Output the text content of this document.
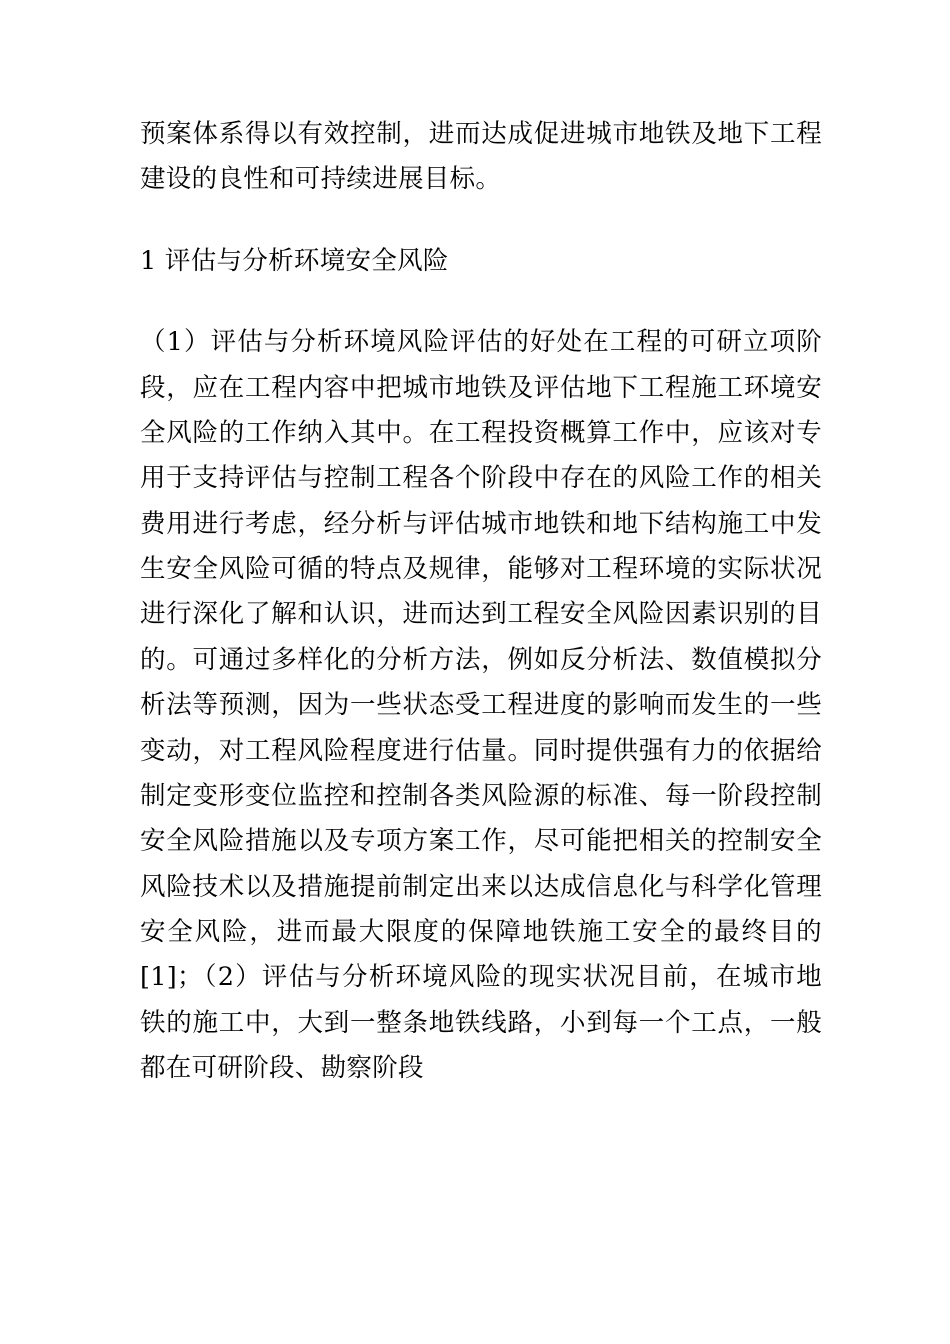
预案体系得以有效控制，进而达成促进城市地铁及地下工程建设的良性和可持续进展目标。

1 评估与分析环境安全风险

（1）评估与分析环境风险评估的好处在工程的可研立项阶段，应在工程内容中把城市地铁及评估地下工程施工环境安全风险的工作纳入其中。在工程投资概算工作中，应该对专用于支持评估与控制工程各个阶段中存在的风险工作的相关费用进行考虑，经分析与评估城市地铁和地下结构施工中发生安全风险可循的特点及规律，能够对工程环境的实际状况进行深化了解和认识，进而达到工程安全风险因素识别的目的。可通过多样化的分析方法，例如反分析法、数值模拟分析法等预测，因为一些状态受工程进度的影响而发生的一些变动，对工程风险程度进行估量。同时提供强有力的依据给制定变形变位监控和控制各类风险源的标准、每一阶段控制安全风险措施以及专项方案工作，尽可能把相关的控制安全风险技术以及措施提前制定出来以达成信息化与科学化管理安全风险，进而最大限度的保障地铁施工安全的最终目的[1]；（2）评估与分析环境风险的现实状况目前，在城市地铁的施工中，大到一整条地铁线路，小到每一个工点，一般都在可研阶段、勘察阶段
